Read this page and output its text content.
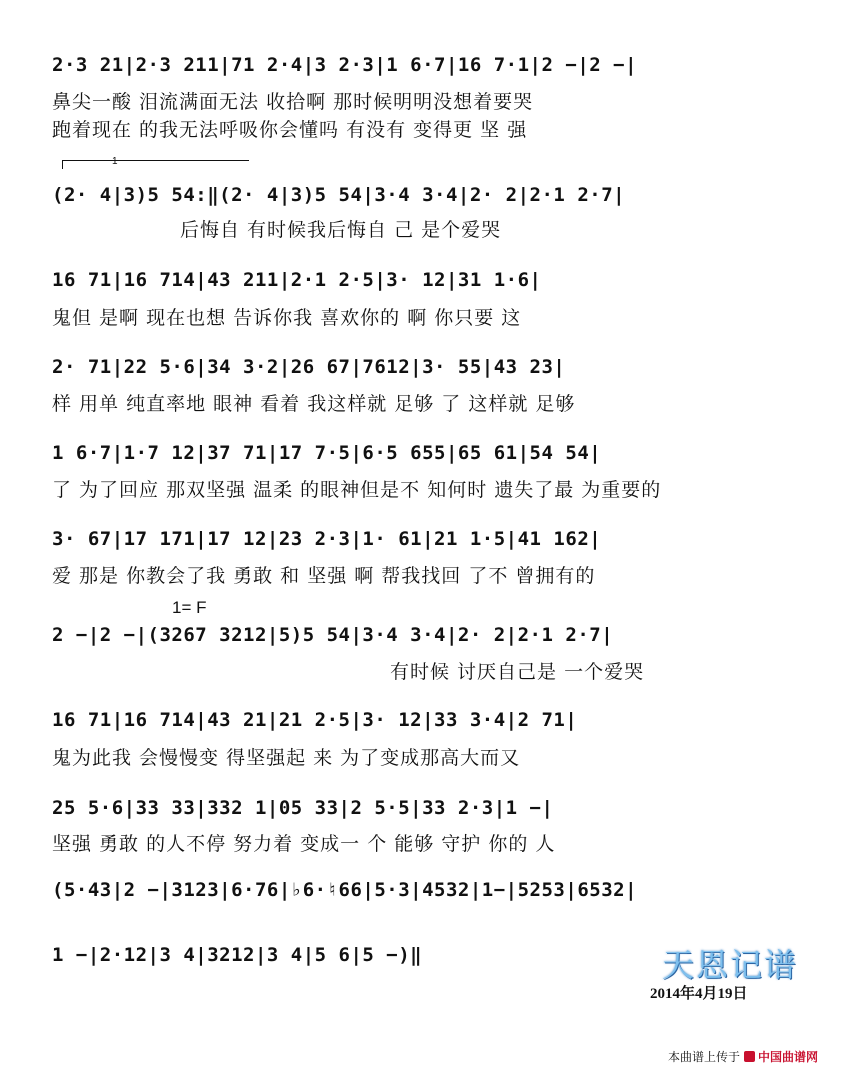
1
1= F
2·3 21|2·3 211|71 2·4|3 2·3|1 6·7|16 7·1|2 −|2 −|
鼻尖一酸 泪流满面无法 收拾啊 那时候明明没想着要哭
跑着现在 的我无法呼吸你会懂吗 有没有 变得更 坚 强
(2· 4|3)5 54:‖(2· 4|3)5 54|3·4 3·4|2· 2|2·1 2·7|
后悔自 有时候我后悔自 己 是个爱哭
16 71|16 714|43 211|2·1 2·5|3· 12|31 1·6|
鬼但 是啊 现在也想 告诉你我 喜欢你的 啊 你只要 这
2· 71|22 5·6|34 3·2|26 67|7612|3· 55|43 23|
样 用单 纯直率地 眼神 看着 我这样就 足够 了 这样就 足够
1 6·7|1·7 12|37 71|17 7·5|6·5 655|65 61|54 54|
了 为了回应 那双坚强 温柔 的眼神但是不 知何时 遗失了最 为重要的
3· 67|17 171|17 12|23 2·3|1· 61|21 1·5|41 162|
爱 那是 你教会了我 勇敢 和 坚强 啊 帮我找回 了不 曾拥有的
2 −|2 −|(3267 3212|5)5 54|3·4 3·4|2· 2|2·1 2·7|
有时候 讨厌自己是 一个爱哭
16 71|16 714|43 21|21 2·5|3· 12|33 3·4|2 71|
鬼为此我 会慢慢变 得坚强起 来 为了变成那高大而又
25 5·6|33 33|332 1|05 33|2 5·5|33 2·3|1 −|
坚强 勇敢 的人不停 努力着 变成一 个 能够 守护 你的 人
(5·43|2 −|3123|6·76|♭6·♮66|5·3|4532|1−|5253|6532|
1 −|2·12|3 4|3212|3 4|5 6|5 −)‖	天恩记谱
2014年4月19日
本曲谱上传于 中国曲谱网
